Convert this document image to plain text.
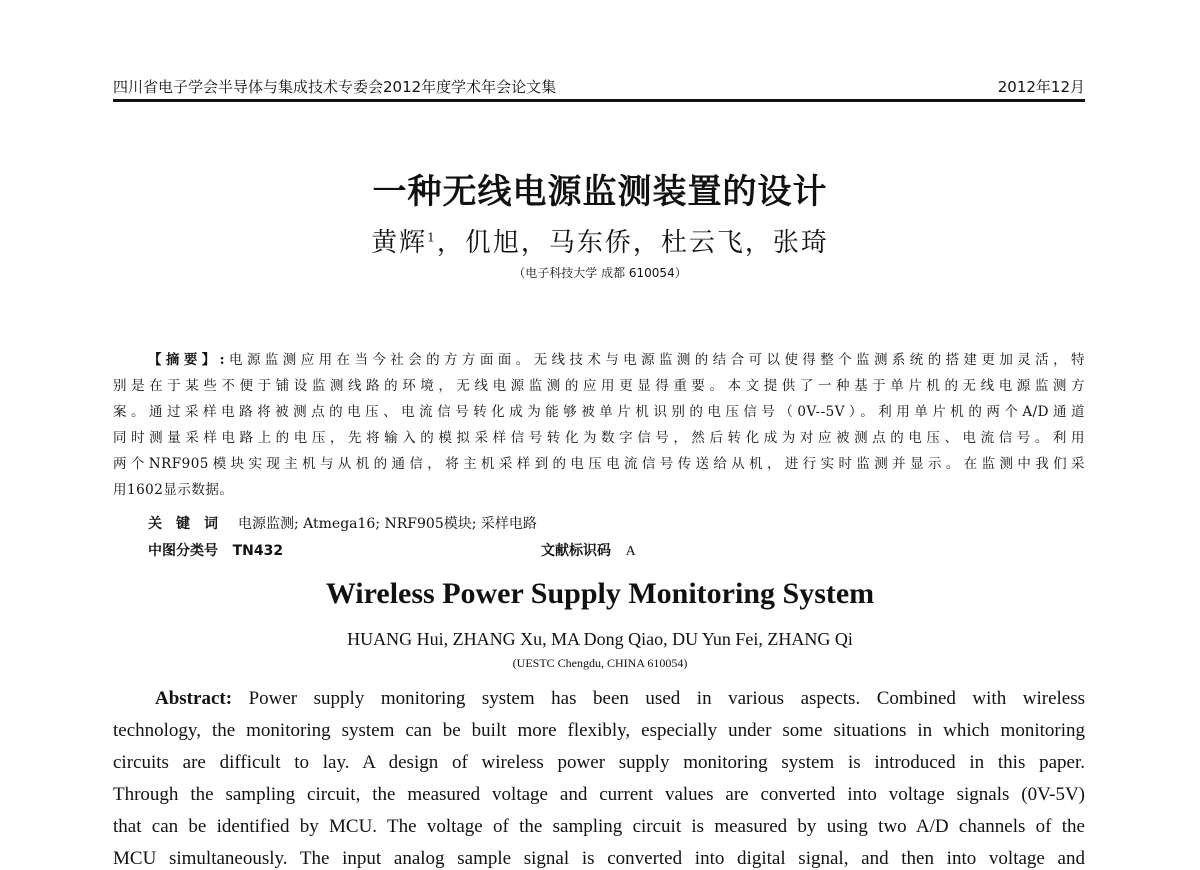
四川省电子学会半导体与集成技术专委会2012年度学术年会论文集	2012年12月
一种无线电源监测装置的设计
黄辉$^1$，仉旭，马东侨，杜云飞，张琦
（电子科技大学 成都 610054）
【摘要】:电源监测应用在当今社会的方方面面。无线技术与电源监测的结合可以使得整个监测系统的搭建更加灵活，特
别是在于某些不便于铺设监测线路的环境，无线电源监测的应用更显得重要。本文提供了一种基于单片机的无线电源监测方
案。通过采样电路将被测点的电压、电流信号转化成为能够被单片机识别的电压信号（0V--5V）。利用单片机的两个A/D通道
同时测量采样电路上的电压，先将输入的模拟采样信号转化为数字信号，然后转化成为对应被测点的电压、电流信号。利用
两个NRF905模块实现主机与从机的通信，将主机采样到的电压电流信号传送给从机，进行实时监测并显示。在监测中我们采
用1602显示数据。
关键词 电源监测; Atmega16; NRF905模块; 采样电路
中图分类号 TN432	文献标识码 A
Wireless Power Supply Monitoring System
HUANG Hui, ZHANG Xu, MA Dong Qiao, DU Yun Fei, ZHANG Qi
(UESTC Chengdu, CHINA 610054)
Abstract: Power supply monitoring system has been used in various aspects. Combined with wireless
technology, the monitoring system can be built more flexibly, especially under some situations in which monitoring
circuits are difficult to lay. A design of wireless power supply monitoring system is introduced in this paper.
Through the sampling circuit, the measured voltage and current values are converted into voltage signals (0V-5V)
that can be identified by MCU. The voltage of the sampling circuit is measured by using two A/D channels of the
MCU simultaneously. The input analog sample signal is converted into digital signal, and then into voltage and
